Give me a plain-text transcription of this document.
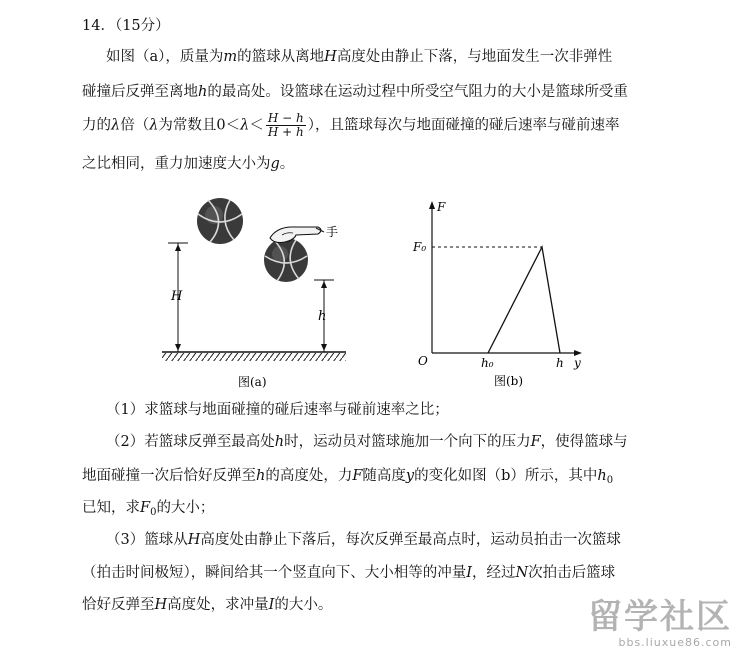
14．（15分）
如图（a），质量为m的篮球从离地H高度处由静止下落，与地面发生一次非弹性
碰撞后反弹至离地h的最高处。设篮球在运动过程中所受空气阻力的大小是篮球所受重
力的λ倍（λ为常数且$0<\lambda< \frac{H - h}{H + h}$ ），且篮球每次与地面碰撞的碰后速率与碰前速率
之比相同，重力加速度大小为g。
H
h
手
图(a)
F
y
O
F₀
h₀	h
图(b)
（1）求篮球与地面碰撞的碰后速率与碰前速率之比；
（2）若篮球反弹至最高处h时，运动员对篮球施加一个向下的压力F，使得篮球与
地面碰撞一次后恰好反弹至h的高度处，力F随高度y的变化如图（b）所示，其中$h_0$
已知，求$F_0$的大小；
（3）篮球从H高度处由静止下落后，每次反弹至最高点时，运动员拍击一次篮球
（拍击时间极短），瞬间给其一个竖直向下、大小相等的冲量I，经过N次拍击后篮球
恰好反弹至H高度处，求冲量I的大小。	留学社区
bbs.liuxue86.com
